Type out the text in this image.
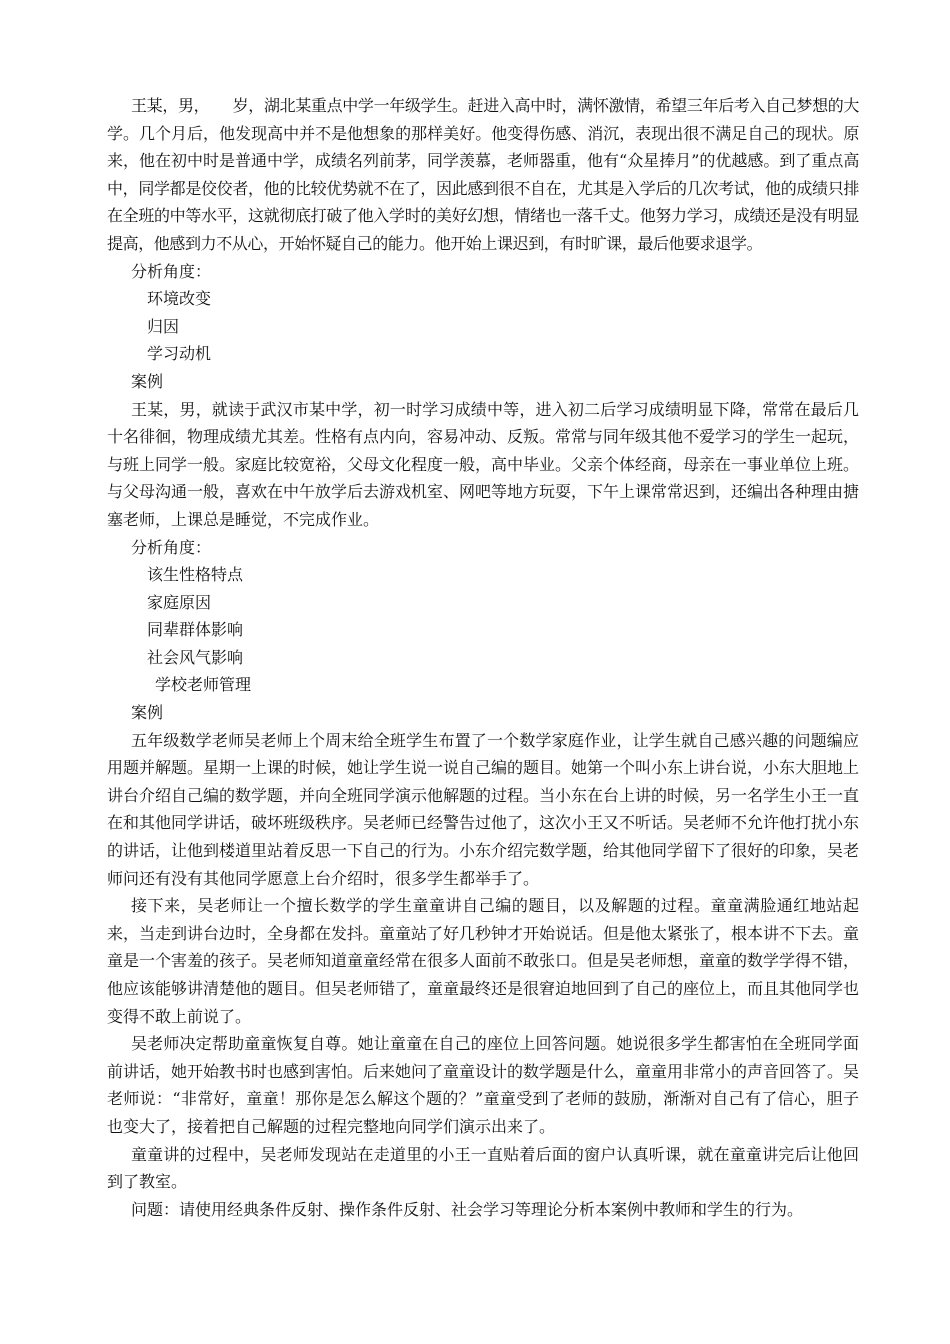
王某，男，　　岁，湖北某重点中学一年级学生。赶进入高中时，满怀激情，希望三年后考入自己梦想的大学。几个月后，他发现高中并不是他想象的那样美好。他变得伤感、消沉，表现出很不满足自己的现状。原来，他在初中时是普通中学，成绩名列前茅，同学羡慕，老师器重，他有“众星捧月”的优越感。到了重点高中，同学都是佼佼者，他的比较优势就不在了，因此感到很不自在，尤其是入学后的几次考试，他的成绩只排在全班的中等水平，这就彻底打破了他入学时的美好幻想，情绪也一落千丈。他努力学习，成绩还是没有明显提高，他感到力不从心，开始怀疑自己的能力。他开始上课迟到，有时旷课，最后他要求退学。

分析角度：

环境改变

归因

学习动机

案例

王某，男，就读于武汉市某中学，初一时学习成绩中等，进入初二后学习成绩明显下降，常常在最后几十名徘徊，物理成绩尤其差。性格有点内向，容易冲动、反叛。常常与同年级其他不爱学习的学生一起玩，与班上同学一般。家庭比较宽裕，父母文化程度一般，高中毕业。父亲个体经商，母亲在一事业单位上班。与父母沟通一般，喜欢在中午放学后去游戏机室、网吧等地方玩耍，下午上课常常迟到，还编出各种理由搪塞老师，上课总是睡觉，不完成作业。

分析角度：

该生性格特点

家庭原因

同辈群体影响

社会风气影响

学校老师管理

案例

五年级数学老师吴老师上个周末给全班学生布置了一个数学家庭作业，让学生就自己感兴趣的问题编应用题并解题。星期一上课的时候，她让学生说一说自己编的题目。她第一个叫小东上讲台说，小东大胆地上讲台介绍自己编的数学题，并向全班同学演示他解题的过程。当小东在台上讲的时候，另一名学生小王一直在和其他同学讲话，破坏班级秩序。吴老师已经警告过他了，这次小王又不听话。吴老师不允许他打扰小东的讲话，让他到楼道里站着反思一下自己的行为。小东介绍完数学题，给其他同学留下了很好的印象，吴老师问还有没有其他同学愿意上台介绍时，很多学生都举手了。

接下来，吴老师让一个擅长数学的学生童童讲自己编的题目，以及解题的过程。童童满脸通红地站起来，当走到讲台边时，全身都在发抖。童童站了好几秒钟才开始说话。但是他太紧张了，根本讲不下去。童童是一个害羞的孩子。吴老师知道童童经常在很多人面前不敢张口。但是吴老师想，童童的数学学得不错，他应该能够讲清楚他的题目。但吴老师错了，童童最终还是很窘迫地回到了自己的座位上，而且其他同学也变得不敢上前说了。

吴老师决定帮助童童恢复自尊。她让童童在自己的座位上回答问题。她说很多学生都害怕在全班同学面前讲话，她开始教书时也感到害怕。后来她问了童童设计的数学题是什么，童童用非常小的声音回答了。吴老师说：“非常好，童童！那你是怎么解这个题的？”童童受到了老师的鼓励，渐渐对自己有了信心，胆子也变大了，接着把自己解题的过程完整地向同学们演示出来了。

童童讲的过程中，吴老师发现站在走道里的小王一直贴着后面的窗户认真听课，就在童童讲完后让他回到了教室。

问题：请使用经典条件反射、操作条件反射、社会学习等理论分析本案例中教师和学生的行为。
